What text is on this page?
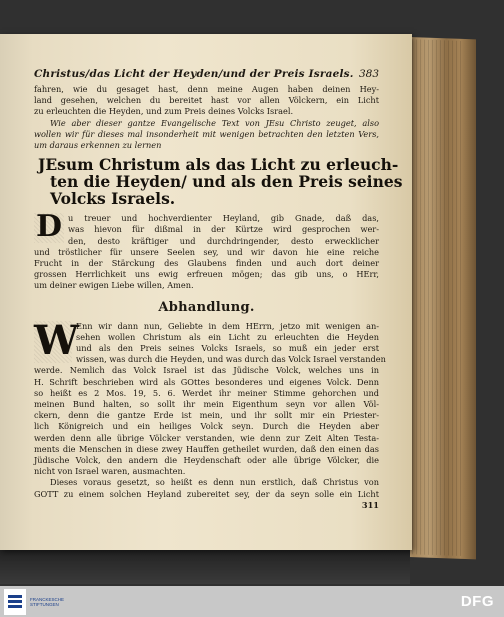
Christus/das Licht der Heyden/und der Preis Israels. 383
fahren, wie du gesaget hast, denn meine Augen haben deinen Hey-
land gesehen, welchen du bereitet hast vor allen Völckern, ein Licht
zu erleuchten die Heyden, und zum Preis deines Volcks Israel.
Wie aber dieser gantze Evangelische Text von JEsu Christo zeuget, also
wollen wir für dieses mal insonderheit mit wenigen betrachten den letzten Vers,
um daraus erkennen zu lernen
JEsum Christum als das Licht zu erleuch-
ten die Heyden/ und als den Preis seines
Volcks Israels.
D u treuer und hochverdienter Heyland, gib Gnade, daß das,
was hievon für dißmal in der Kürtze wird gesprochen wer-
den, desto kräftiger und durchdringender, desto erwecklicher
und tröstlicher für unsere Seelen sey, und wir davon hie eine reiche
Frucht in der Stärckung des Glaubens finden und auch dort deiner
grossen Herrlichkeit uns ewig erfreuen mögen; das gib uns, o HErr,
um deiner ewigen Liebe willen, Amen.
Abhandlung.
W
Enn wir dann nun, Geliebte in dem HErrn, jetzo mit wenigen an-
sehen wollen Christum als ein Licht zu erleuchten die Heyden
und als den Preis seines Volcks Israels, so muß ein jeder erst
wissen, was durch die Heyden, und was durch das Volck Israel verstanden
werde. Nemlich das Volck Israel ist das Jüdische Volck, welches uns in
H. Schrift beschrieben wird als GOttes besonderes und eigenes Volck. Denn
so heißt es 2 Mos. 19, 5. 6. Werdet ihr meiner Stimme gehorchen und
meinen Bund halten, so sollt ihr mein Eigenthum seyn vor allen Völ-
ckern, denn die gantze Erde ist mein, und ihr sollt mir ein Priester-
lich Königreich und ein heiliges Volck seyn. Durch die Heyden aber
werden denn alle übrige Völcker verstanden, wie denn zur Zeit Alten Testa-
ments die Menschen in diese zwey Hauffen getheilet wurden, daß den einen das
Jüdische Volck, den andern die Heydenschaft oder alle übrige Völcker, die
nicht von Israel waren, ausmachten.
Dieses voraus gesetzt, so heißt es denn nun erstlich, daß Christus von
GOTT zu einem solchen Heyland zubereitet sey, der da seyn solle ein Licht
311
FRANCKESCHE STIFTUNGEN	DFG
